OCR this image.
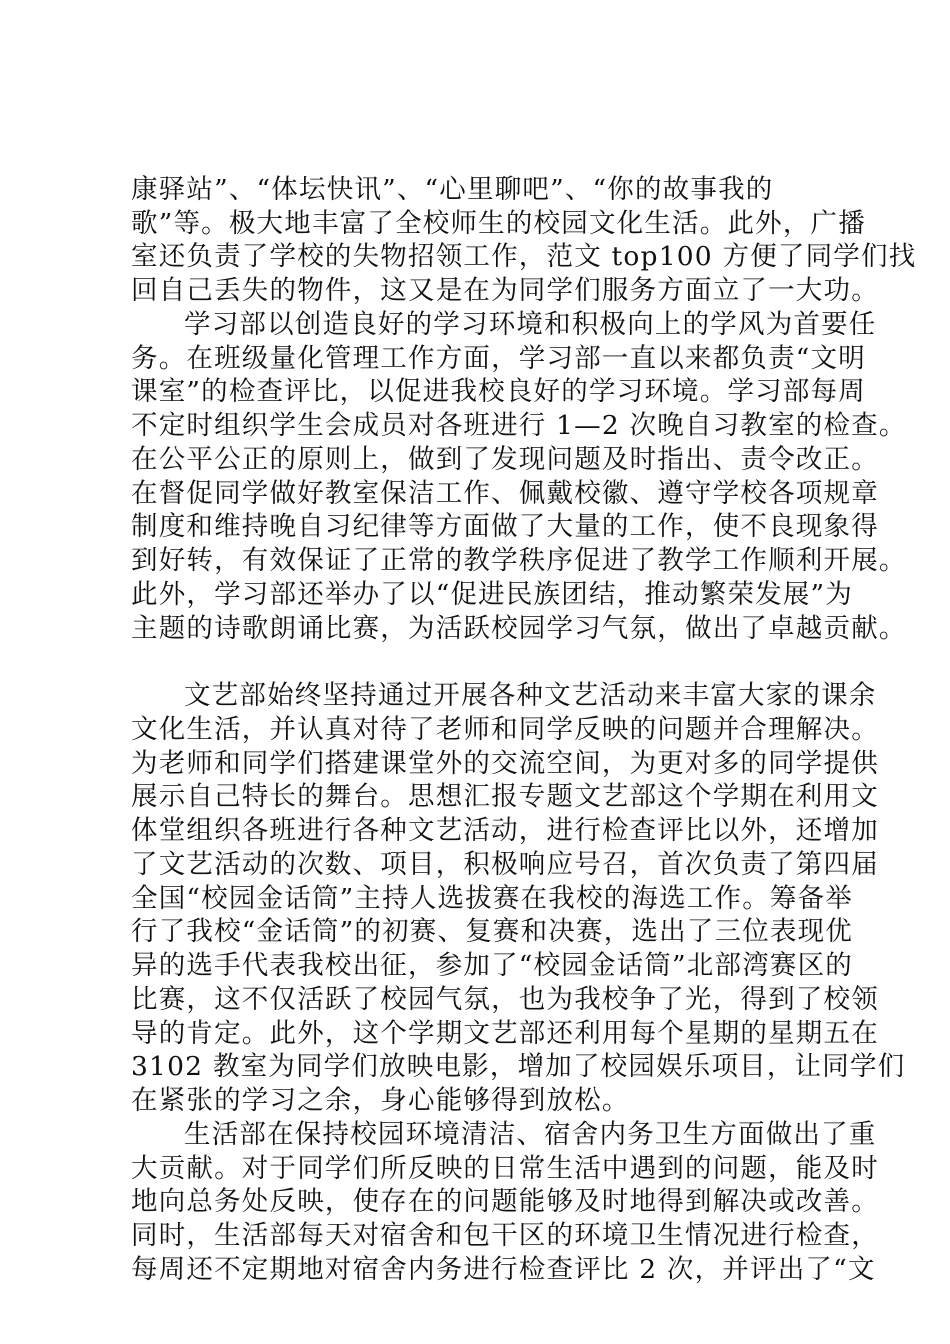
康驿站”、“体坛快讯”、“心里聊吧”、“你的故事我的
歌”等。极大地丰富了全校师生的校园文化生活。此外，广播
室还负责了学校的失物招领工作，范文 top100 方便了同学们找
回自己丢失的物件，这又是在为同学们服务方面立了一大功。
学习部以创造良好的学习环境和积极向上的学风为首要任
务。在班级量化管理工作方面，学习部一直以来都负责“文明
课室”的检查评比，以促进我校良好的学习环境。学习部每周
不定时组织学生会成员对各班进行 1—2 次晚自习教室的检查。
在公平公正的原则上，做到了发现问题及时指出、责令改正。
在督促同学做好教室保洁工作、佩戴校徽、遵守学校各项规章
制度和维持晚自习纪律等方面做了大量的工作，使不良现象得
到好转，有效保证了正常的教学秩序促进了教学工作顺利开展。
此外，学习部还举办了以“促进民族团结，推动繁荣发展”为
主题的诗歌朗诵比赛，为活跃校园学习气氛，做出了卓越贡献。
文艺部始终坚持通过开展各种文艺活动来丰富大家的课余
文化生活，并认真对待了老师和同学反映的问题并合理解决。
为老师和同学们搭建课堂外的交流空间，为更对多的同学提供
展示自己特长的舞台。思想汇报专题文艺部这个学期在利用文
体堂组织各班进行各种文艺活动，进行检查评比以外，还增加
了文艺活动的次数、项目，积极响应号召，首次负责了第四届
全国“校园金话筒”主持人选拔赛在我校的海选工作。筹备举
行了我校“金话筒”的初赛、复赛和决赛，选出了三位表现优
异的选手代表我校出征，参加了“校园金话筒”北部湾赛区的
比赛，这不仅活跃了校园气氛，也为我校争了光，得到了校领
导的肯定。此外，这个学期文艺部还利用每个星期的星期五在
3102 教室为同学们放映电影，增加了校园娱乐项目，让同学们
在紧张的学习之余，身心能够得到放松。
生活部在保持校园环境清洁、宿舍内务卫生方面做出了重
大贡献。对于同学们所反映的日常生活中遇到的问题，能及时
地向总务处反映，使存在的问题能够及时地得到解决或改善。
同时，生活部每天对宿舍和包干区的环境卫生情况进行检查，
每周还不定期地对宿舍内务进行检查评比 2 次，并评出了“文
